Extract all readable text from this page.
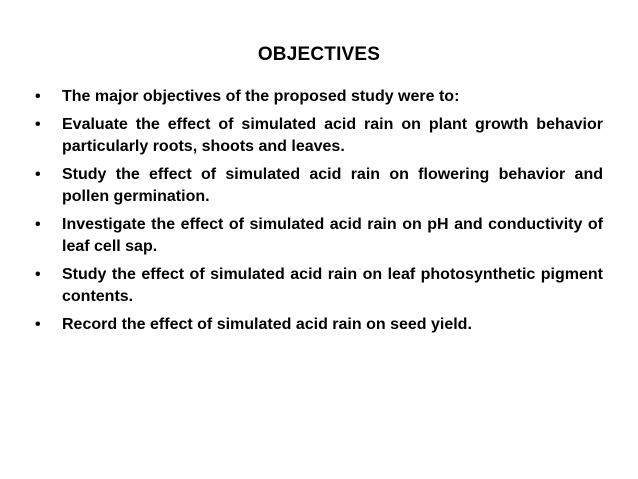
OBJECTIVES
• The major objectives of the proposed study were to:
• Evaluate the effect of simulated acid rain on plant growth behavior particularly roots, shoots and leaves.
• Study the effect of simulated acid rain on flowering behavior and pollen germination.
• Investigate the effect of simulated acid rain on pH and conductivity of leaf cell sap.
• Study the effect of simulated acid rain on leaf photosynthetic pigment contents.
• Record the effect of simulated acid rain on seed yield.
